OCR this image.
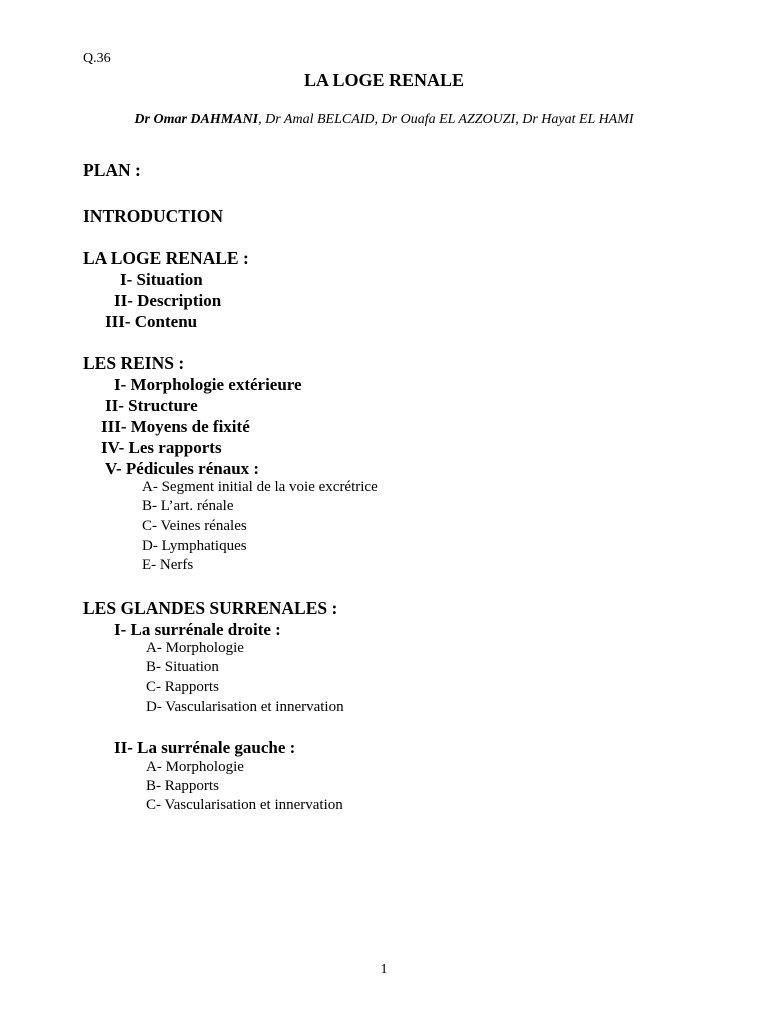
Q.36
LA LOGE RENALE
Dr Omar DAHMANI, Dr Amal BELCAID, Dr Ouafa EL AZZOUZI, Dr Hayat EL HAMI
PLAN :
INTRODUCTION
LA LOGE RENALE :
I- Situation
II- Description
III- Contenu
LES REINS :
I- Morphologie extérieure
II- Structure
III- Moyens de fixité
IV- Les rapports
V- Pédicules rénaux :
A- Segment initial de la voie excrétrice
B- L’art. rénale
C- Veines rénales
D- Lymphatiques
E- Nerfs
LES GLANDES SURRENALES :
I- La surrénale droite :
A- Morphologie
B- Situation
C- Rapports
D- Vascularisation et innervation
II- La surrénale gauche :
A- Morphologie
B- Rapports
C- Vascularisation et innervation
1
